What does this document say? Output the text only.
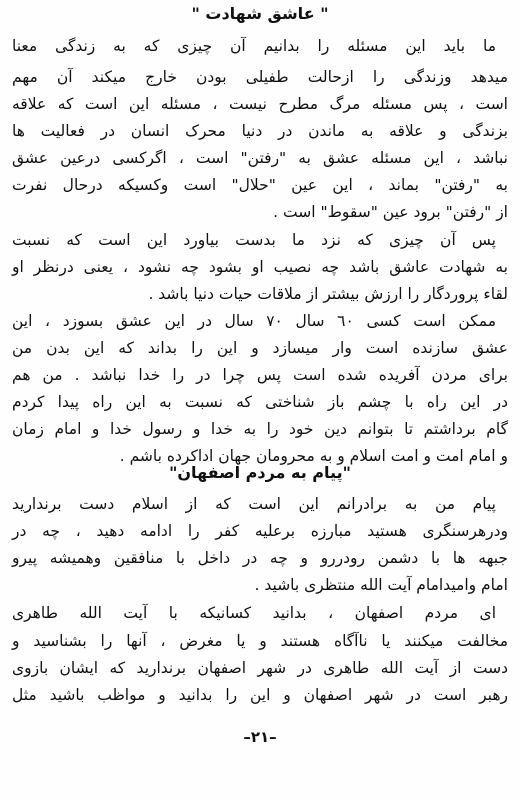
" عاشق شهادت "
ما باید این مسئله را بدانیم آن چیزی که به زندگی معنا
میدهد وزندگی را ازحالت طفیلی بودن خارج میکند آن مهم
است ، پس مسئله مرگ مطرح نیست ، مسئله این است که علاقه
بزندگی و علاقه به ماندن در دنیا محرک انسان در فعالیت ها
نباشد ، این مسئله عشق به "رفتن" است ، اگرکسی درعین عشق
به "رفتن" بماند ، این عین "حلال" است وکسیکه درحال نفرت
از "رفتن" برود عین "سقوط" است .
پس آن چیزی که نزد ما بدست بیاورد این است که نسبت
به شهادت عاشق باشد چه نصیب او بشود چه نشود ، یعنی درنظر او
لقاء پروردگار را ارزش بیشتر از ملاقات حیات دنیا باشد .
ممکن است کسی ٦٠ سال ٧٠ سال در این عشق بسوزد ، این
عشق سازنده است وار میسازد و این را بداند که این بدن من
برای مردن آفریده شده است پس چرا در را خدا نباشد . من هم
در این راه با چشم باز شناختی که نسبت به این راه پیدا کردم
گام برداشتم تا بتوانم دین خود را به خدا و رسول خدا و امام زمان
و امام امت و امت اسلام و به محرومان جهان اداکرده باشم .
"پیام به مردم اصفهان"
پیام من به برادرانم این است که از اسلام دست برندارید
ودرهرسنگری هستید مبارزه برعلیه کفر را ادامه دهید ، چه در
جبهه ها با دشمن رودررو و چه در داخل با منافقین وهمیشه پیرو
امام وامیدامام آیت الله منتظری باشید .
ای مردم اصفهان ، بدانید کسانیکه با آیت الله طاهری
مخالفت میکنند یا ناآگاه هستند و یا مغرض ، آنها را بشناسید و
دست از آیت الله طاهری در شهر اصفهان برندارید که ایشان بازوی
رهبر است در شهر اصفهان و این را بدانید و مواظب باشید مثل
–٢١–
